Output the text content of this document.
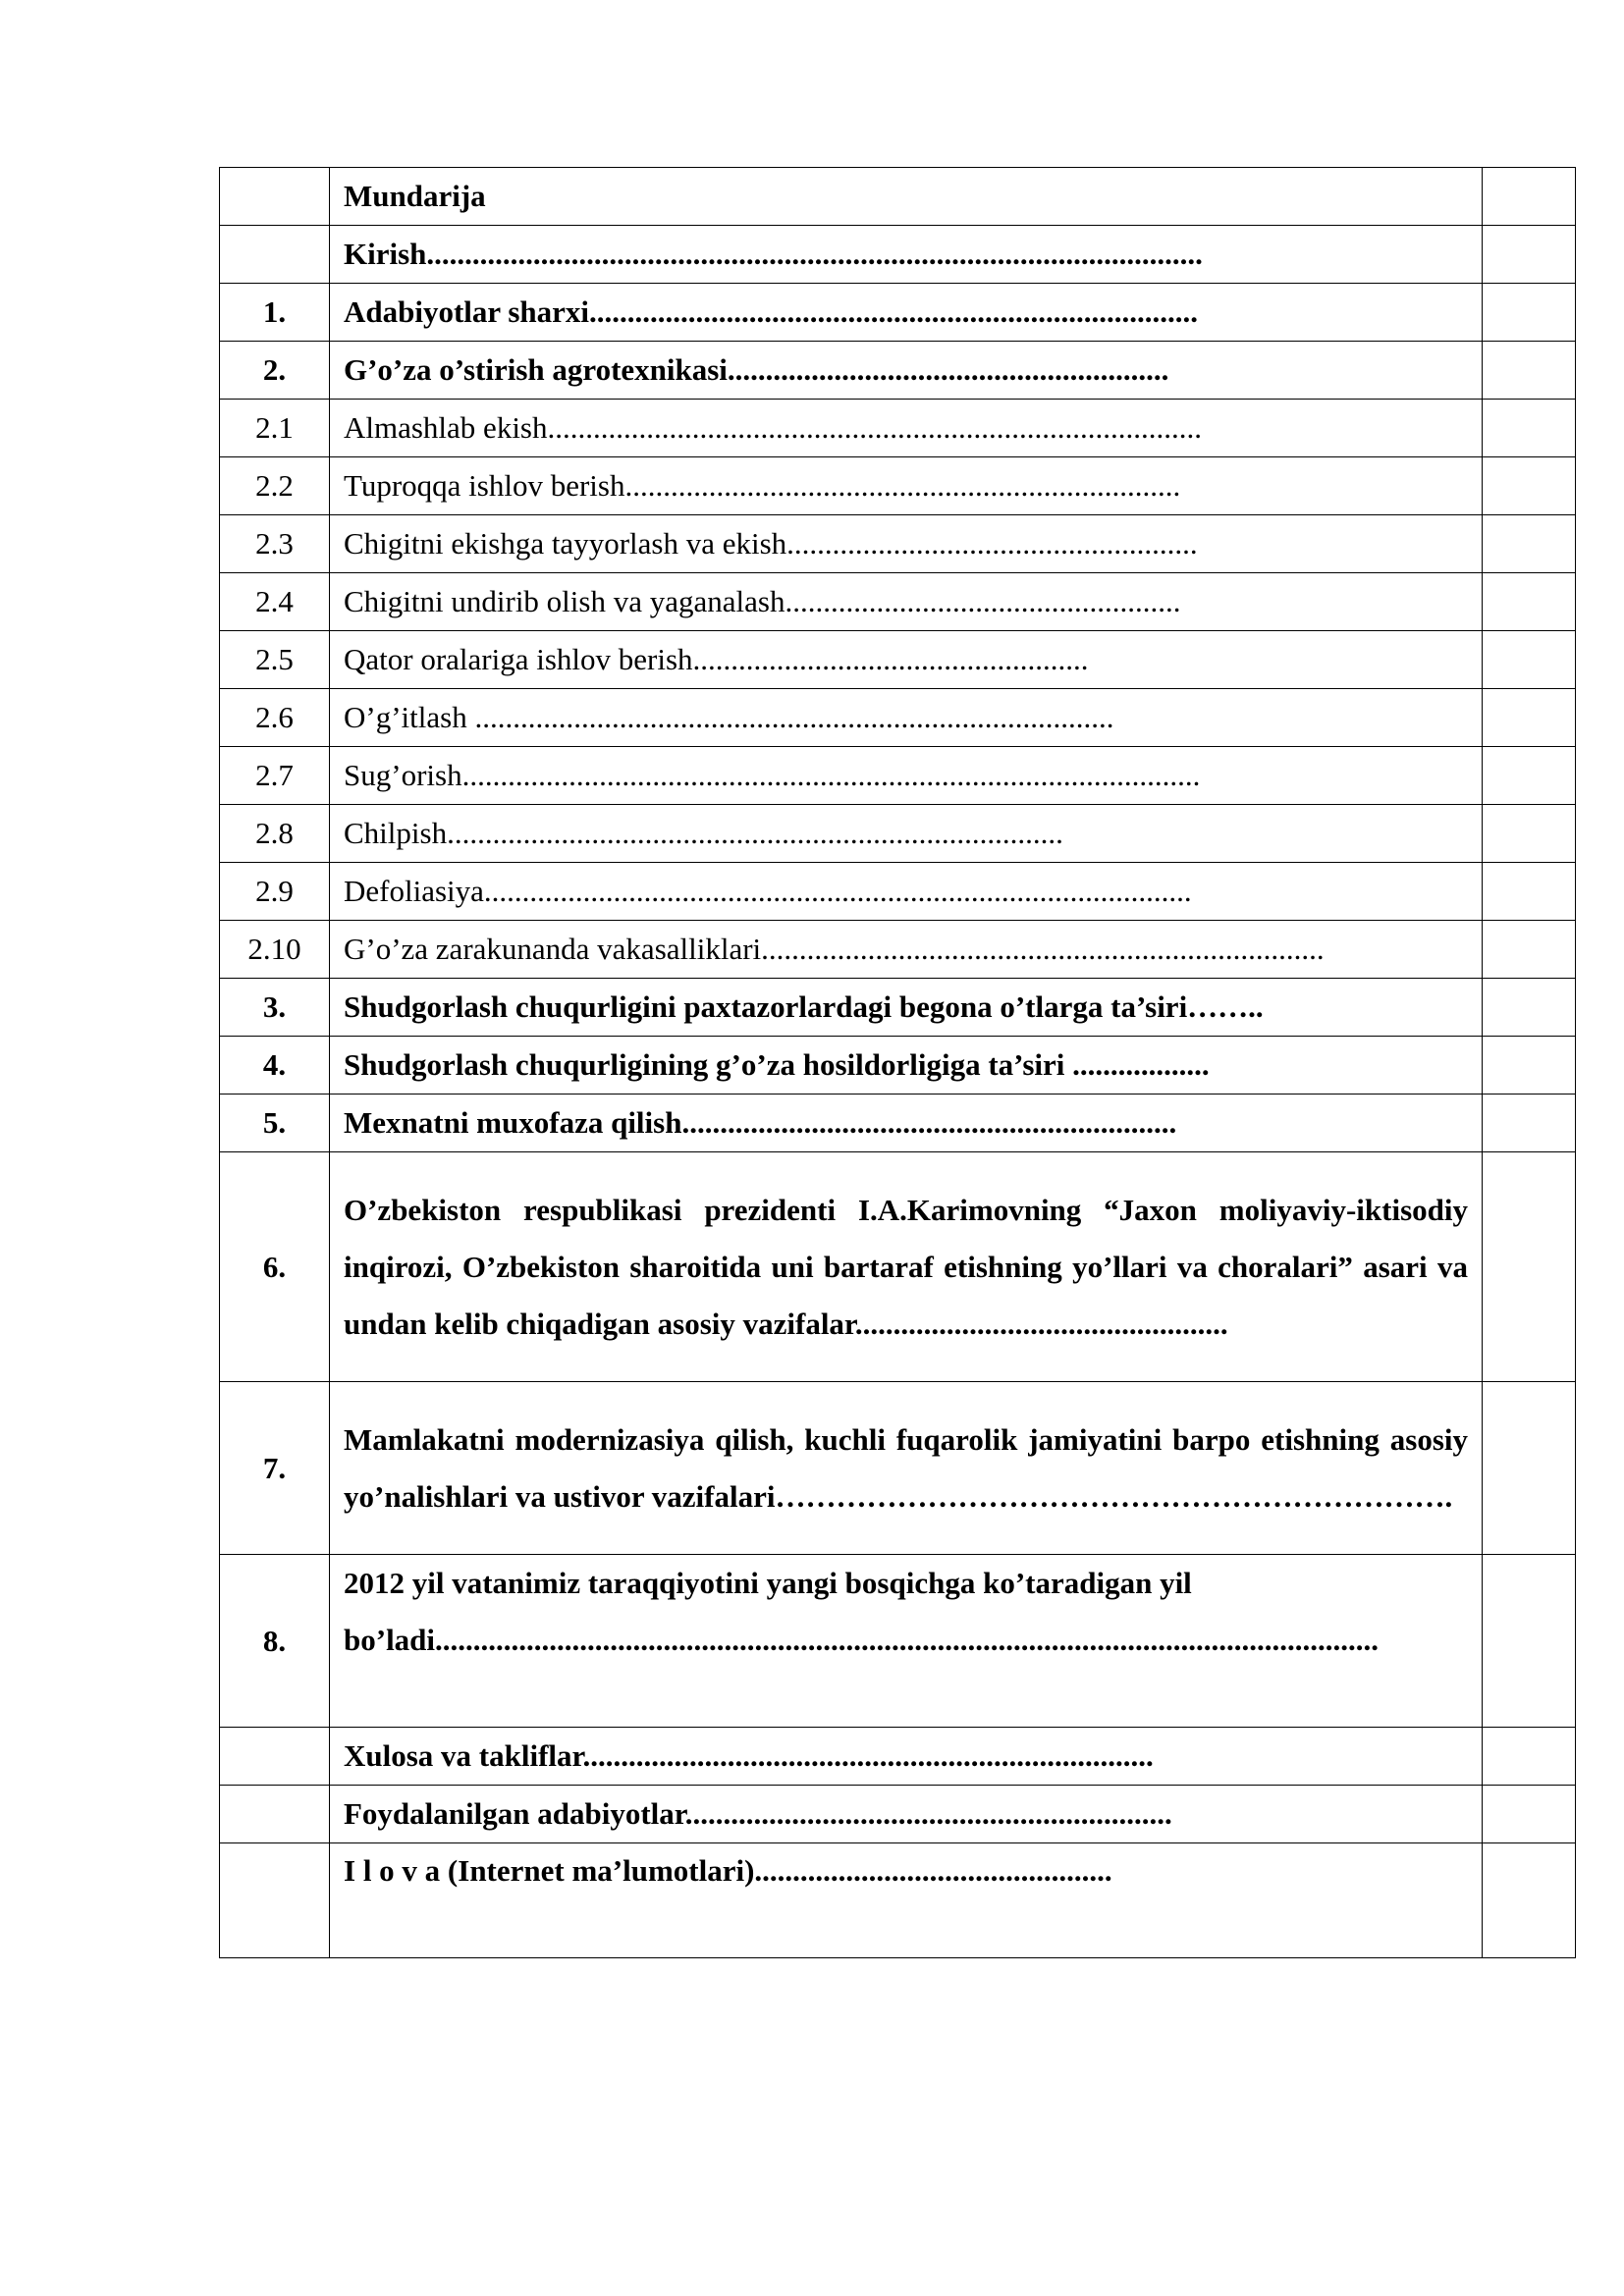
	Mundarija	
	Kirish......................................................................................................	
1.	Adabiyotlar sharxi................................................................................	
2.	G’o’za o’stirish agrotexnikasi..........................................................	
2.1	Almashlab ekish......................................................................................	
2.2	Tuproqqa ishlov berish.........................................................................	
2.3	Chigitni ekishga tayyorlash va ekish......................................................	
2.4	Chigitni undirib olish va yaganalash....................................................	
2.5	Qator oralariga ishlov berish....................................................	
2.6	O’g’itlash ....................................................................................	
2.7	Sug’orish.................................................................................................	
2.8	Chilpish.................................................................................	
2.9	Defoliasiya.............................................................................................	
2.10	G’o’za zarakunanda vakasalliklari..........................................................................	
3.	Shudgorlash chuqurligini paxtazorlardagi begona o’tlarga ta’siri……..	
4.	Shudgorlash chuqurligining g’o’za hosildorligiga ta’siri ..................	
5.	Mexnatni muxofaza qilish.................................................................	
6.	O’zbekiston respublikasi prezidenti I.A.Karimovning “Jaxon moliyaviy-iktisodiy inqirozi, O’zbekiston sharoitida uni bartaraf etishning yo’llari va choralari” asari va undan kelib chiqadigan asosiy vazifalar.................................................	
7.	Mamlakatni modernizasiya qilish, kuchli fuqarolik jamiyatini barpo etishning asosiy yo’nalishlari va ustivor vazifalari………………………………………………………….	
8.	2012 yil vatanimiz taraqqiyotini yangi bosqichga ko’taradigan yil
bo’ladi............................................................................................................................	

	Xulosa va takliflar...........................................................................	
	Foydalanilgan adabiyotlar................................................................	
	I l o v a (Internet ma’lumotlari)...............................................	
